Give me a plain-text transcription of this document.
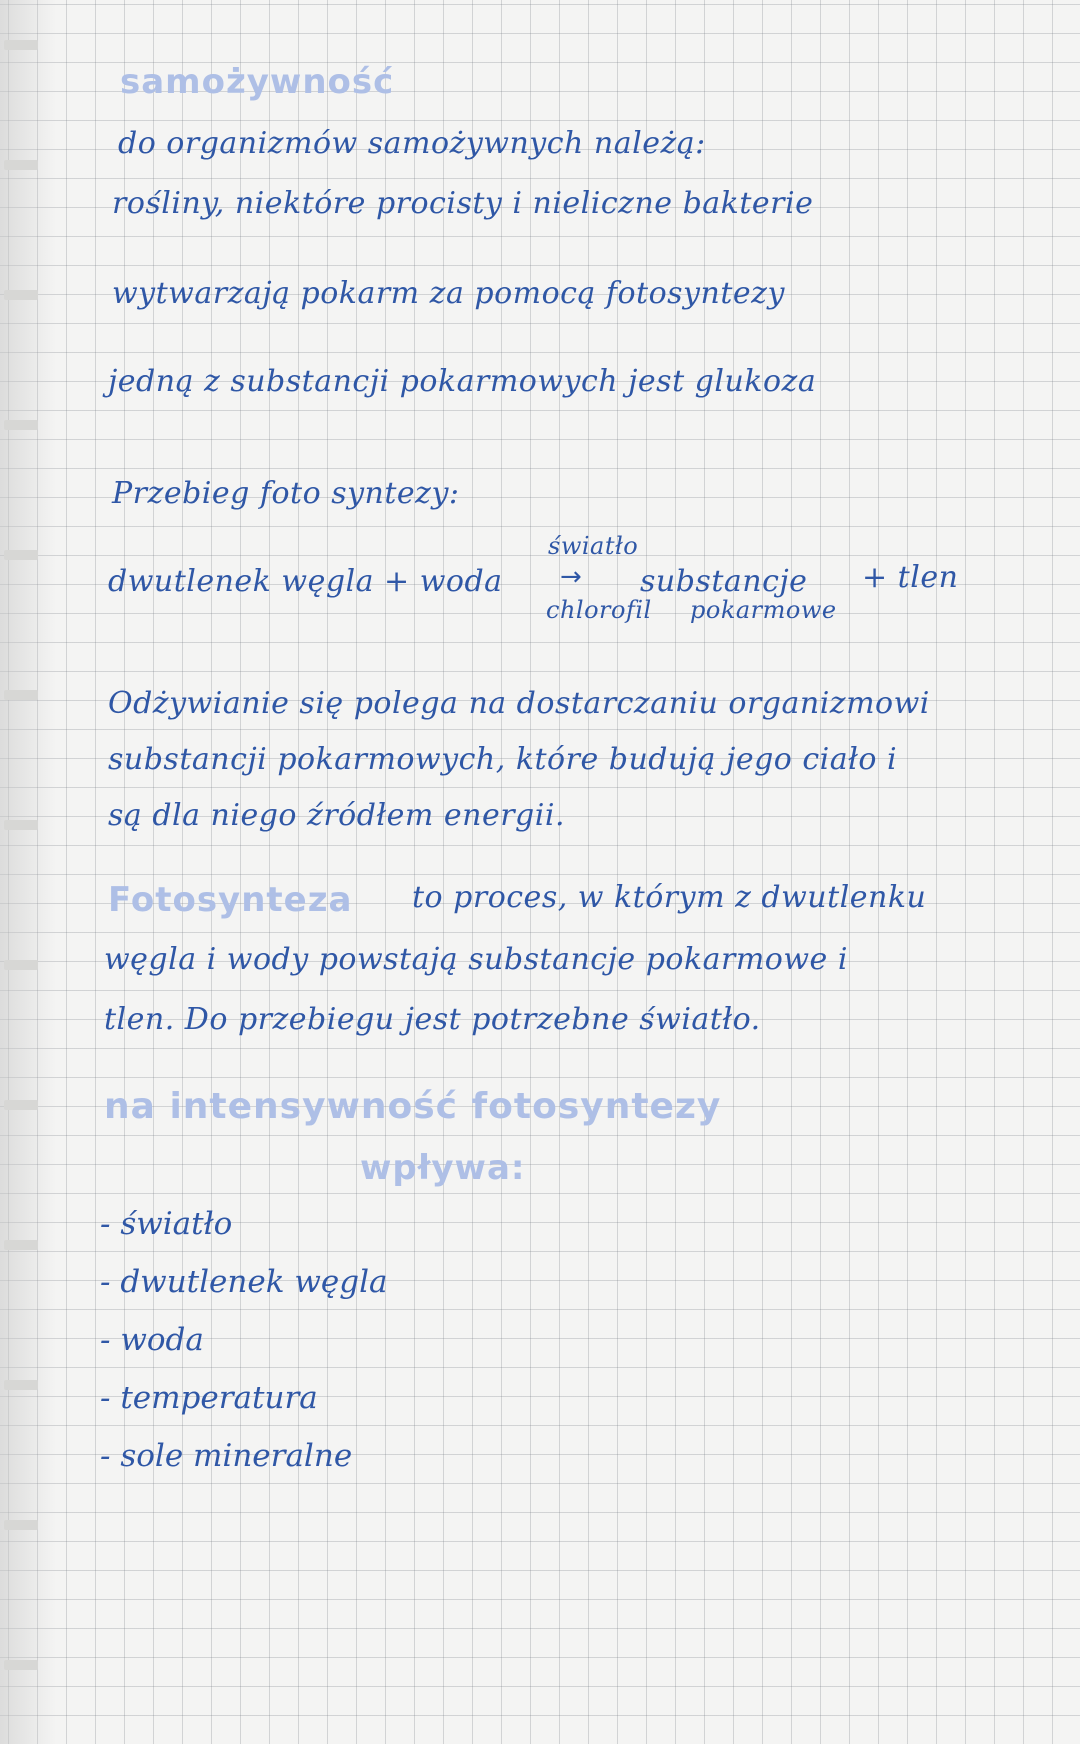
samożywność
do organizmów samożywnych należą:
rośliny, niektóre procisty i nieliczne bakterie
wytwarzają pokarm za pomocą fotosyntezy
jedną z substancji pokarmowych jest glukoza
Przebieg foto syntezy:
dwutlenek węgla + woda
światło
→
chlorofil
substancje
pokarmowe
+ tlen
Odżywianie się polega na dostarczaniu organizmowi
substancji pokarmowych, które budują jego ciało i
są dla niego źródłem energii.
Fotosynteza to proces, w którym z dwutlenku
węgla i wody powstają substancje pokarmowe i
tlen. Do przebiegu jest potrzebne światło.
na intensywność fotosyntezy
wpływa:
- światło
- dwutlenek węgla
- woda
- temperatura
- sole mineralne
